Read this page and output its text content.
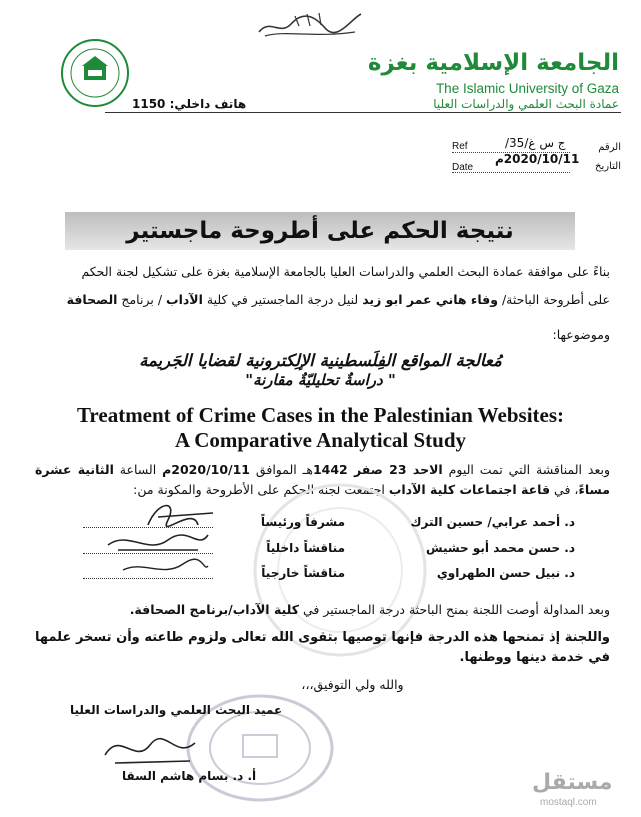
الجامعة الإسلامية بغزة
The Islamic University of Gaza
عمادة البحث العلمي والدراسات العليا
هاتف داخلي: 1150
الرقم
ج س غ/35/
Ref
التاريخ
2020/10/11م
Date
نتيجة الحكم على أطروحة ماجستير
بناءً على موافقة عمادة البحث العلمي والدراسات العليا بالجامعة الإسلامية بغزة على تشكيل لجنة الحكم
على أطروحة الباحثة/ وفاء هاني عمر ابو زيد لنيل درجة الماجستير في كلية الآداب / برنامج الصحافة
وموضوعها:
مُعالجة المواقع الفِلَسطينية الإلِكترونية لقضايا الجَريمة
" دراسةٌ تحليليّةٌ مقارنة"
Treatment of Crime Cases in the Palestinian Websites:
A Comparative Analytical Study
وبعد المناقشة التي تمت اليوم الاحد 23 صفر 1442هـ الموافق 2020/10/11م الساعة الثانية عشرة مساءً، في قاعة اجتماعات كلية الآداب اجتمعت لجنة الحكم على الأطروحة والمكونة من:
د. أحمد عرابي/ حسين الترك
مشرفاً ورئيساً
د. حسن محمد أبو حشيش
مناقشاً داخلياً
د. نبيل حسن الطهراوي
مناقشاً خارجياً
وبعد المداولة أوصت اللجنة بمنح الباحثة درجة الماجستير في كلية الآداب/برنامج الصحافة.
واللجنة إذ تمنحها هذه الدرجة فإنها توصيها بتقوى الله تعالى ولزوم طاعته وأن تسخر علمها في خدمة دينها ووطنها.
والله ولي التوفيق،،،
عميد البحث العلمي والدراسات العليا
أ. د. بسام هاشم السقا	مستقل
mostaql.com
